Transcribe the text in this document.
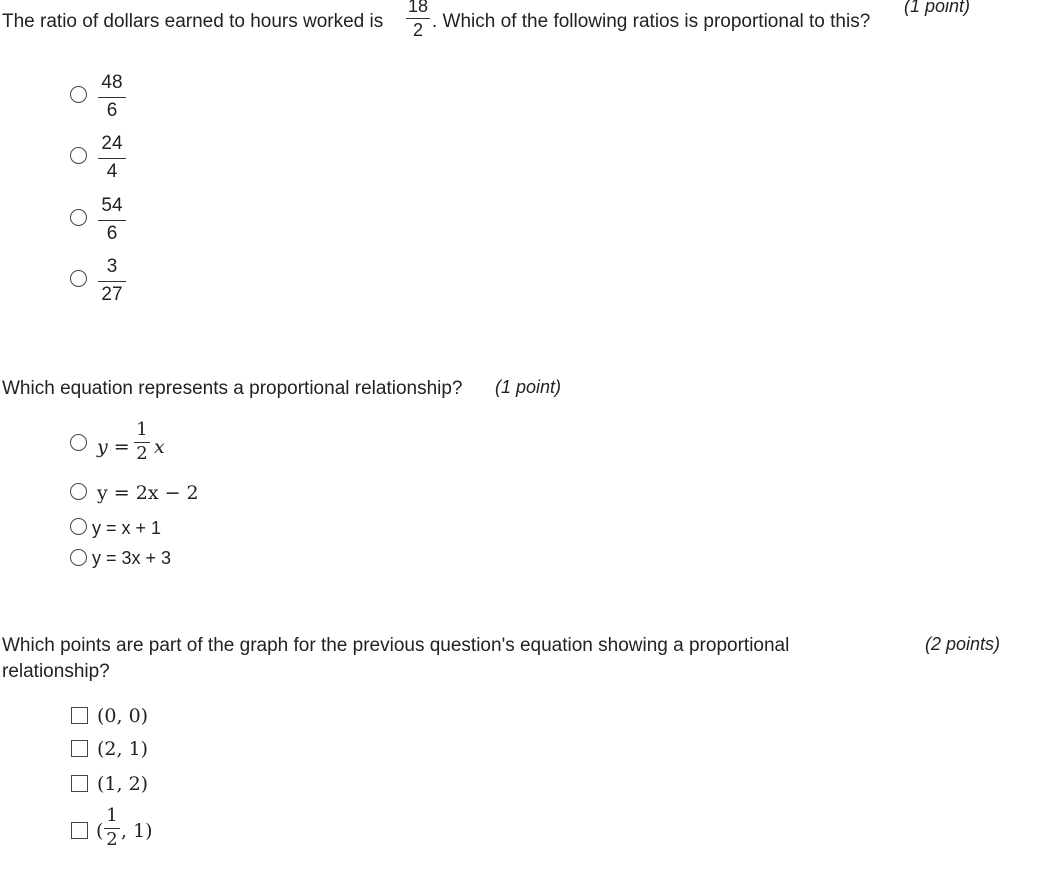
The ratio of dollars earned to hours worked is
18
2 . Which of the following ratios is proportional to this?
(1 point)
48
6
24
4
54
6
3
27
Which equation represents a proportional relationship? (1 point)
y =
1
2 x
y = 2x − 2
y = x + 1
y = 3x + 3
Which points are part of the graph for the previous question's equation showing a proportional
relationship?
(2 points)
(0, 0)
(2, 1)
(1, 2)
(
1
2 , 1)
